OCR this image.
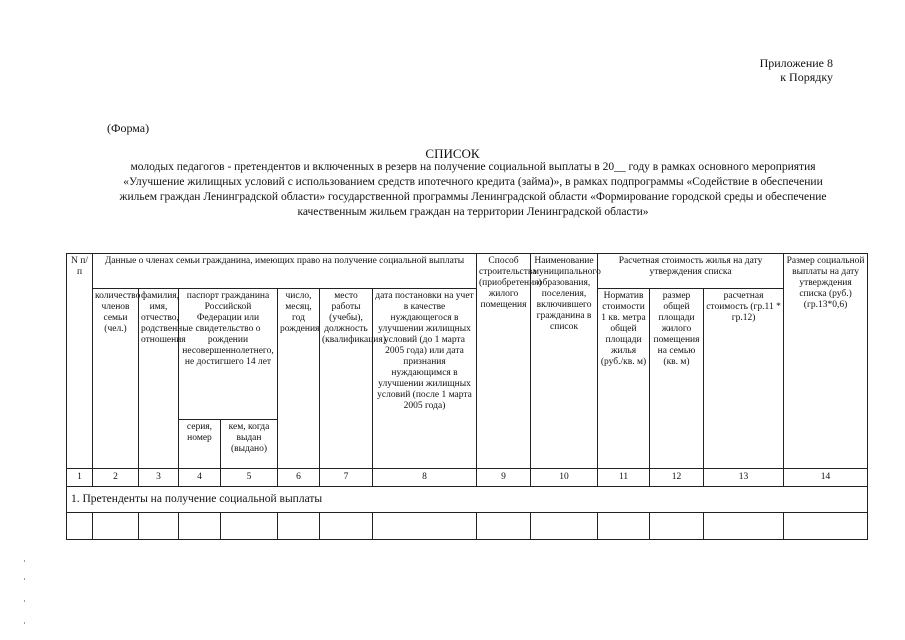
Приложение 8
к Порядку
(Форма)
СПИСОК
молодых педагогов - претендентов и включенных в резерв на получение социальной выплаты в 20__ году в рамках основного мероприятия «Улучшение жилищных условий с использованием средств ипотечного кредита (займа)», в рамках подпрограммы «Содействие в обеспечении жильем граждан Ленинградской области» государственной программы Ленинградской области «Формирование городской среды и обеспечение качественным жильем граждан на территории Ленинградской области»
N п/п	Данные о членах семьи гражданина, имеющих право на получение социальной выплаты							Способ строительства (приобретения) жилого помещения	Наименование муниципального образования, поселения, включившего гражданина в список	Расчетная стоимость жилья на дату утверждения списка			Размер социальной выплаты на дату утверждения списка (руб.) (гр.13*0,6)
	количество членов семьи (чел.)	фамилия, имя, отчество, родственные отношения	паспорт гражданина Российской Федерации или свидетельство о рождении несовершеннолетнего, не достигшего 14 лет		число, месяц, год рождения	место работы (учебы), должность (квалификация)	дата постановки на учет в качестве нуждающегося в улучшении жилищных условий (до 1 марта 2005 года) или дата признания нуждающимся в улучшении жилищных условий (после 1 марта 2005 года)			Норматив стоимости 1 кв. метра общей площади жилья (руб./кв. м)	размер общей площади жилого помещения на семью (кв. м)	расчетная стоимость (гр.11 * гр.12)	
			серия, номер	кем, когда выдан (выдано)									
1	2	3	4	5	6	7	8	9	10	11	12	13	14
1. Претенденты на получение социальной выплаты													
